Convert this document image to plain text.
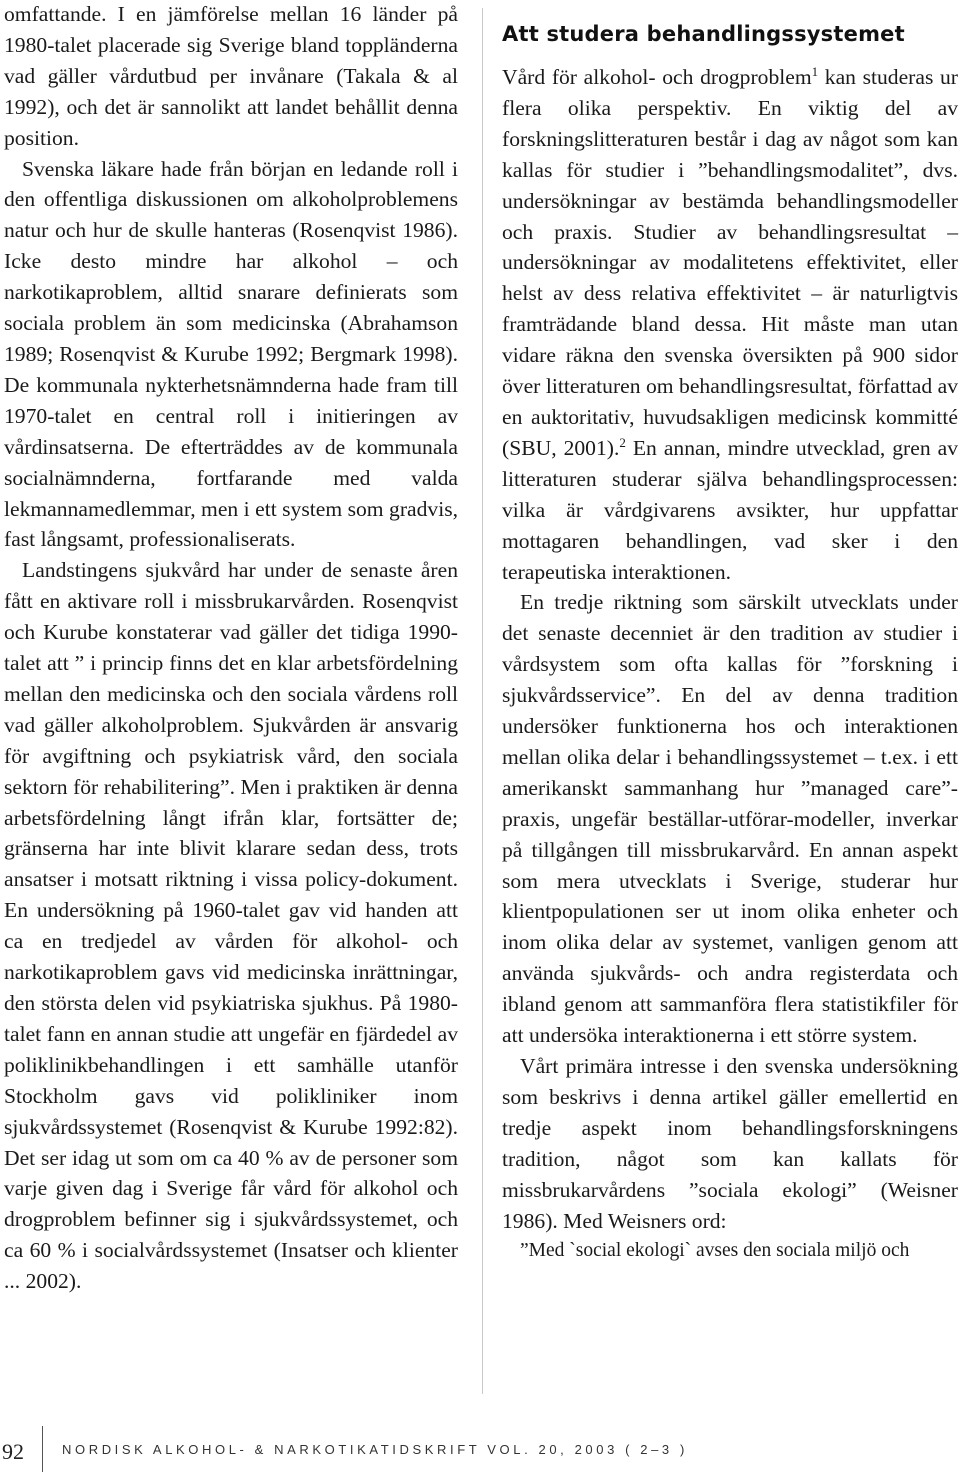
omfattande. I en jämförelse mellan 16 länder på 1980-talet placerade sig Sverige bland toppländerna vad gäller vårdutbud per invånare (Takala & al 1992), och det är sannolikt att landet behållit denna position.

Svenska läkare hade från början en ledande roll i den offentliga diskussionen om alkoholproblemens natur och hur de skulle hanteras (Rosenqvist 1986). Icke desto mindre har alkohol – och narkotikaproblem, alltid snarare definierats som sociala problem än som medicinska (Abrahamson 1989; Rosenqvist & Kurube 1992; Bergmark 1998). De kommunala nykterhetsnämnderna hade fram till 1970-talet en central roll i initieringen av vårdinsatserna. De efterträddes av de kommunala socialnämnderna, fortfarande med valda lekmannamedlemmar, men i ett system som gradvis, fast långsamt, professionaliserats.

Landstingens sjukvård har under de senaste åren fått en aktivare roll i missbrukarvården. Rosenqvist och Kurube konstaterar vad gäller det tidiga 1990-talet att ” i princip finns det en klar arbetsfördelning mellan den medicinska och den sociala vårdens roll vad gäller alkoholproblem. Sjukvården är ansvarig för avgiftning och psykiatrisk vård, den sociala sektorn för rehabilitering”. Men i praktiken är denna arbetsfördelning långt ifrån klar, fortsätter de; gränserna har inte blivit klarare sedan dess, trots ansatser i motsatt riktning i vissa policy-dokument. En undersökning på 1960-talet gav vid handen att ca en tredjedel av vården för alkohol- och narkotikaproblem gavs vid medicinska inrättningar, den största delen vid psykiatriska sjukhus. På 1980-talet fann en annan studie att ungefär en fjärdedel av poliklinikbehandlingen i ett samhälle utanför Stockholm gavs vid polikliniker inom sjukvårdssystemet (Rosenqvist & Kurube 1992:82). Det ser idag ut som om ca 40 % av de personer som varje given dag i Sverige får vård för alkohol och drogproblem befinner sig i sjukvårdssystemet, och ca 60 % i socialvårdssystemet (Insatser och klienter ... 2002).

Att studera behandlingssystemet

Vård för alkohol- och drogproblem$^1$ kan studeras ur flera olika perspektiv. En viktig del av forskningslitteraturen består i dag av något som kan kallas för studier i ”behandlingsmodalitet”, dvs. undersökningar av bestämda behandlingsmodeller och praxis. Studier av behandlingsresultat – undersökningar av modalitetens effektivitet, eller helst av dess relativa effektivitet – är naturligtvis framträdande bland dessa. Hit måste man utan vidare räkna den svenska översikten på 900 sidor över litteraturen om behandlingsresultat, författad av en auktoritativ, huvudsakligen medicinsk kommitté (SBU, 2001).$^2$ En annan, mindre utvecklad, gren av litteraturen studerar själva behandlingsprocessen: vilka är vårdgivarens avsikter, hur uppfattar mottagaren behandlingen, vad sker i den terapeutiska interaktionen.

En tredje riktning som särskilt utvecklats under det senaste decenniet är den tradition av studier i vårdsystem som ofta kallas för ”forskning i sjukvårdsservice”. En del av denna tradition undersöker funktionerna hos och interaktionen mellan olika delar i behandlingssystemet – t.ex. i ett amerikanskt sammanhang hur ”managed care”-praxis, ungefär beställar-utförar-modeller, inverkar på tillgången till missbrukarvård. En annan aspekt som mera utvecklats i Sverige, studerar hur klientpopulationen ser ut inom olika enheter och inom olika delar av systemet, vanligen genom att använda sjukvårds- och andra registerdata och ibland genom att sammanföra flera statistikfiler för att undersöka interaktionerna i ett större system.

Vårt primära intresse i den svenska undersökning som beskrivs i denna artikel gäller emellertid en tredje aspekt inom behandlingsforskningens tradition, något som kan kallats för missbrukarvårdens ”sociala ekologi” (Weisner 1986). Med Weisners ord:

”Med `social ekologi` avses den sociala miljö och

92	NORDISK ALKOHOL- & NARKOTIKATIDSKRIFT VOL. 20, 2003 ( 2–3 )
